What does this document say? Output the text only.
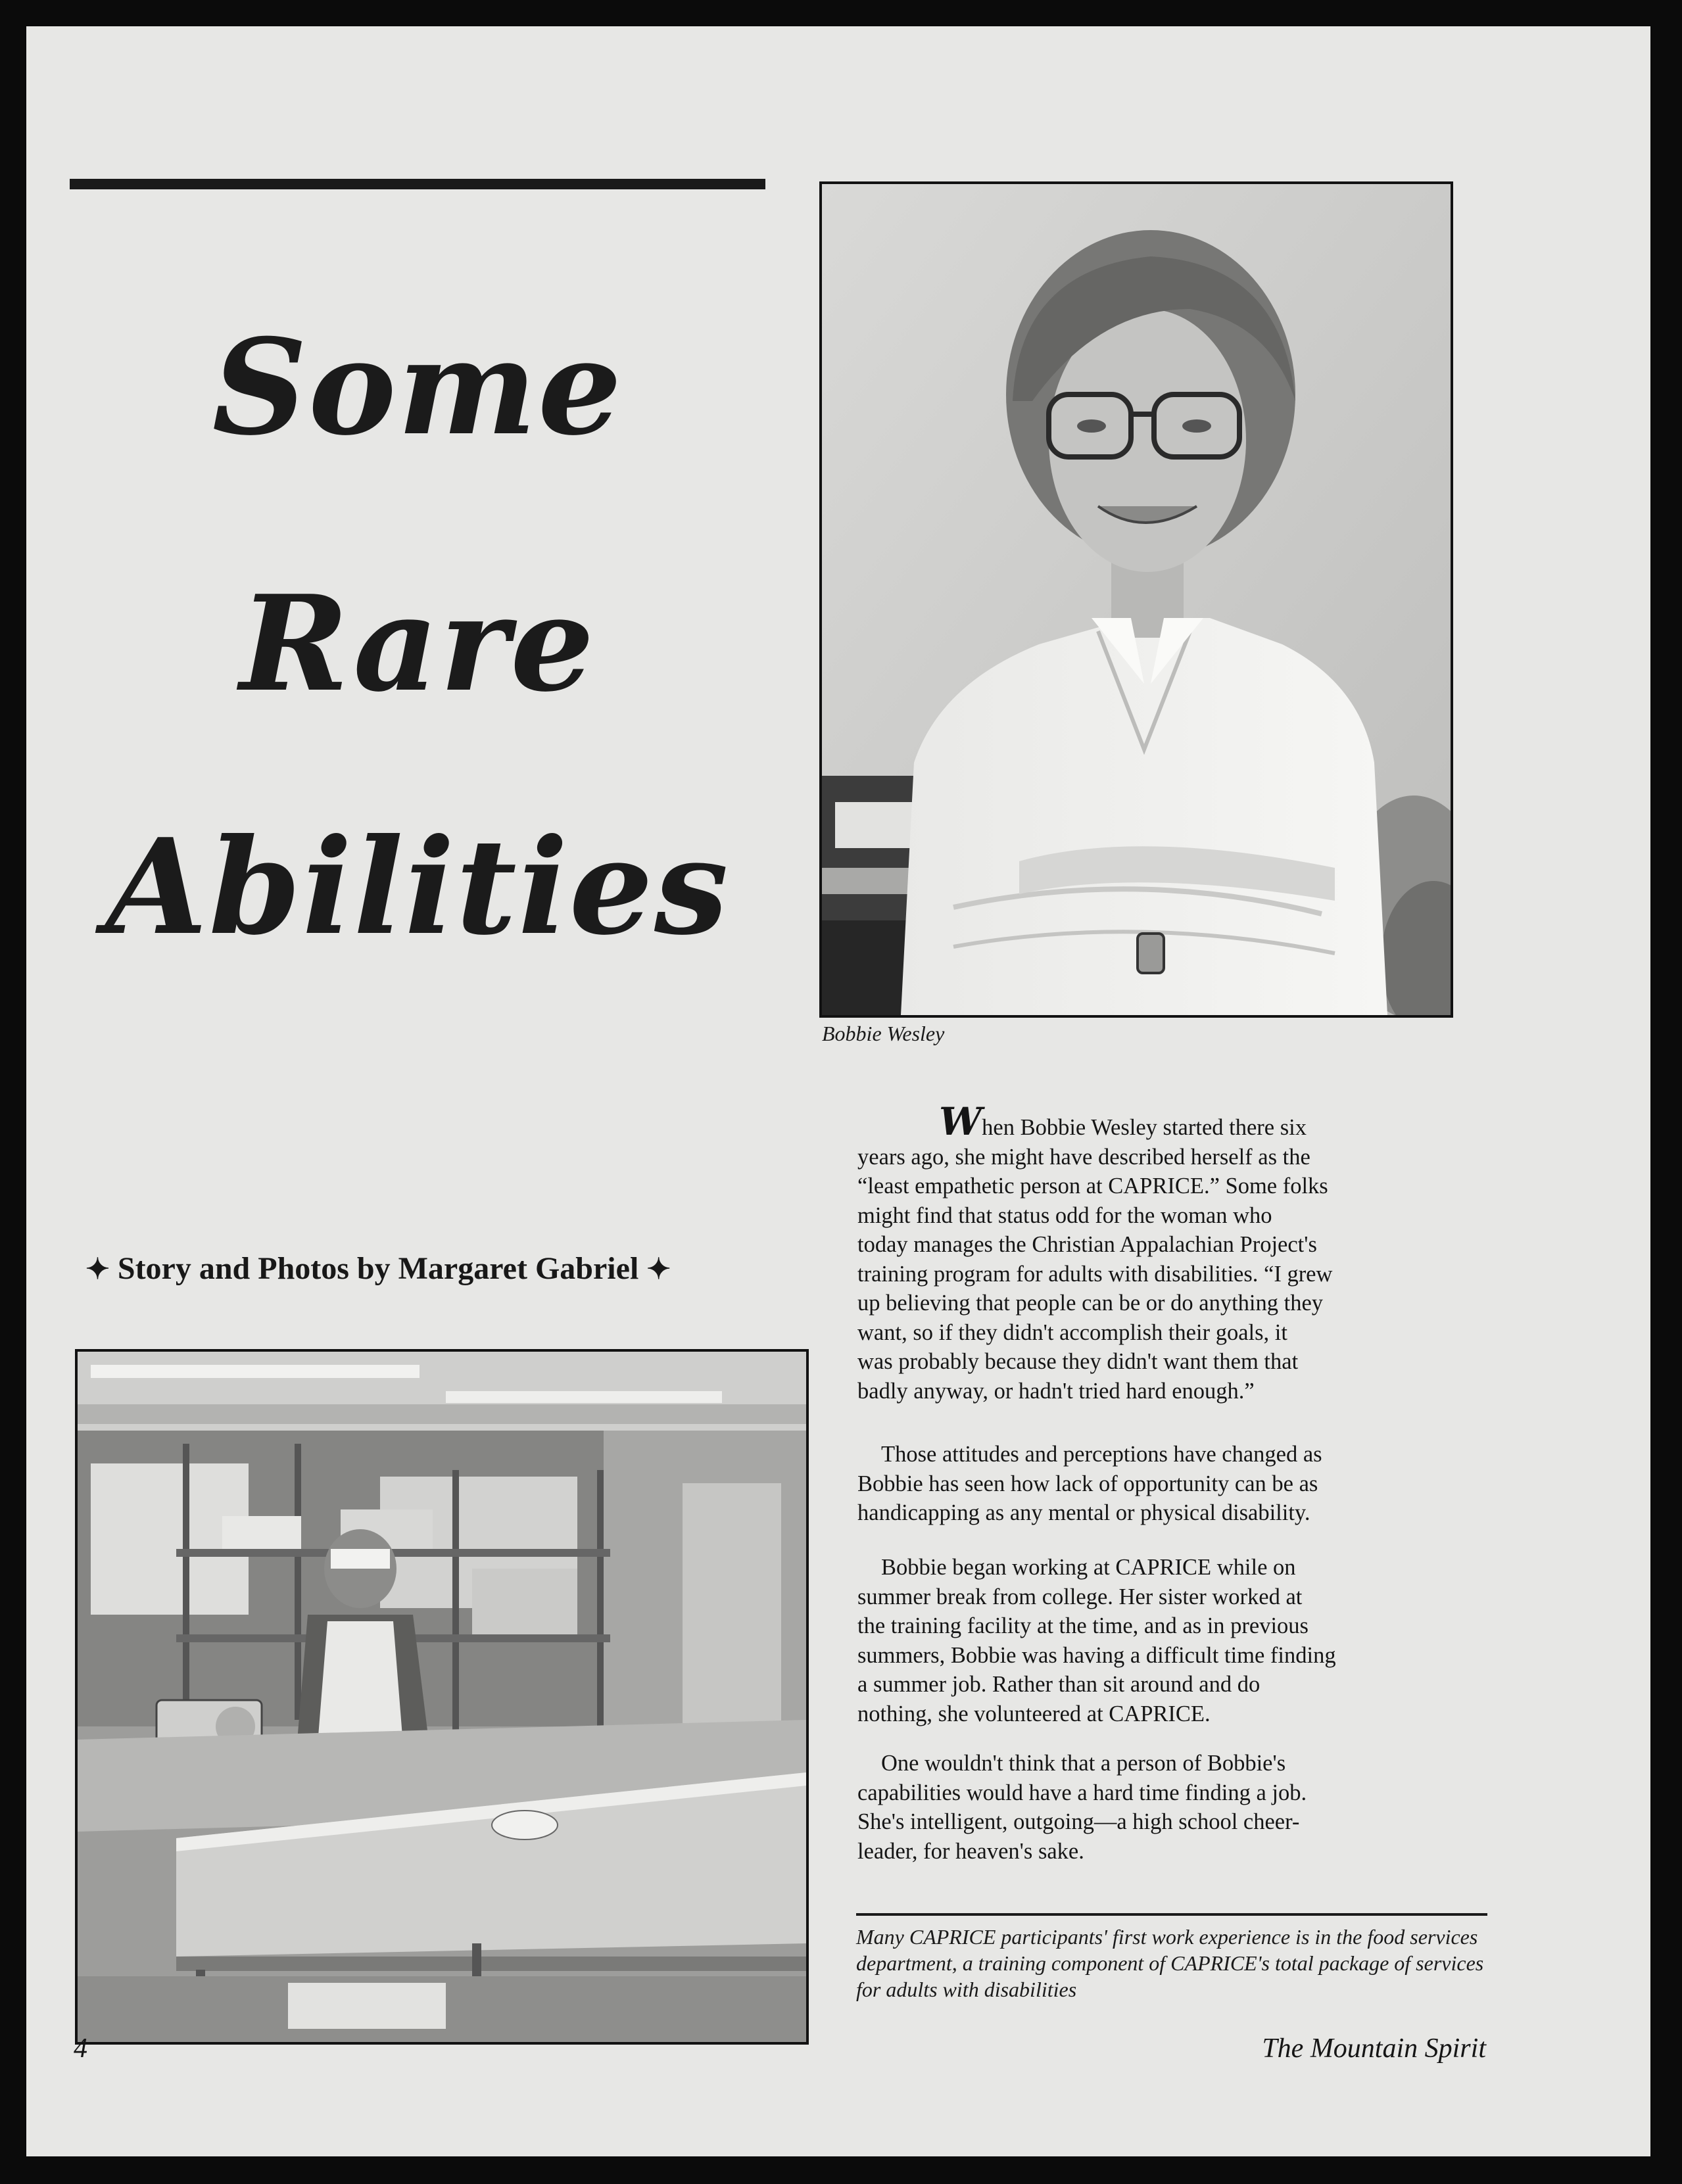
Some
Rare
Abilities
✦ Story and Photos by Margaret Gabriel ✦
Bobbie Wesley
When Bobbie Wesley started there six
years ago, she might have described herself as the
“least empathetic person at CAPRICE.” Some folks
might find that status odd for the woman who
today manages the Christian Appalachian Project's
training program for adults with disabilities. “I grew
up believing that people can be or do anything they
want, so if they didn't accomplish their goals, it
was probably because they didn't want them that
badly anyway, or hadn't tried hard enough.”
Those attitudes and perceptions have changed as
Bobbie has seen how lack of opportunity can be as
handicapping as any mental or physical disability.
Bobbie began working at CAPRICE while on
summer break from college. Her sister worked at
the training facility at the time, and as in previous
summers, Bobbie was having a difficult time finding
a summer job. Rather than sit around and do
nothing, she volunteered at CAPRICE.
One wouldn't think that a person of Bobbie's
capabilities would have a hard time finding a job.
She's intelligent, outgoing—a high school cheer-
leader, for heaven's sake.
Many CAPRICE participants' first work experience is in the food services department, a training component of CAPRICE's total package of services for adults with disabilities
4	The Mountain Spirit
